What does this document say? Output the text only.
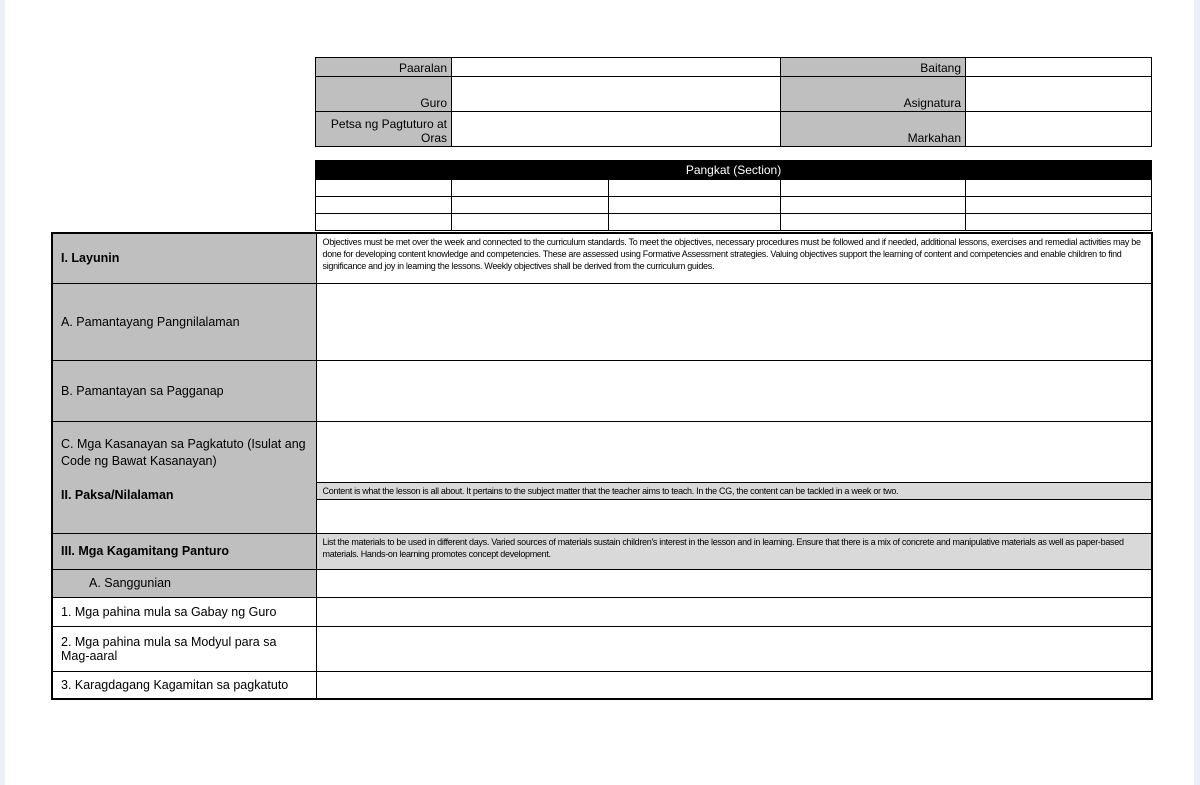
Paaralan		Baitang	
Guro		Asignatura	
Petsa ng Pagtuturo at Oras		Markahan	
Pangkat (Section)				

I. Layunin	Objectives must be met over the week and connected to the curriculum standards. To meet the objectives, necessary procedures must be followed and if needed, additional lessons, exercises and remedial activities may be done for developing content knowledge and competencies. These are assessed using Formative Assessment strategies. Valuing objectives support the learning of content and competencies and enable children to find significance and joy in learning the lessons. Weekly objectives shall be derived from the curriculum guides.
A. Pamantayang Pangnilalaman	
B. Pamantayan sa Pagganap	

C. Mga Kasanayan sa Pagkatuto (Isulat ang Code ng Bawat Kasanayan)
II. Paksa/Nilalaman	

	Content is what the lesson is all about. It pertains to the subject matter that the teacher aims to teach. In the CG, the content can be tackled in a week or two.

III. Mga Kagamitang Panturo	List the materials to be used in different days. Varied sources of materials sustain children's interest in the lesson and in learning. Ensure that there is a mix of concrete and manipulative materials as well as paper-based materials. Hands-on learning promotes concept development.
A. Sanggunian	
1. Mga pahina mula sa Gabay ng Guro	
2. Mga pahina mula sa Modyul para sa Mag-aaral	
3. Karagdagang Kagamitan sa pagkatuto	
